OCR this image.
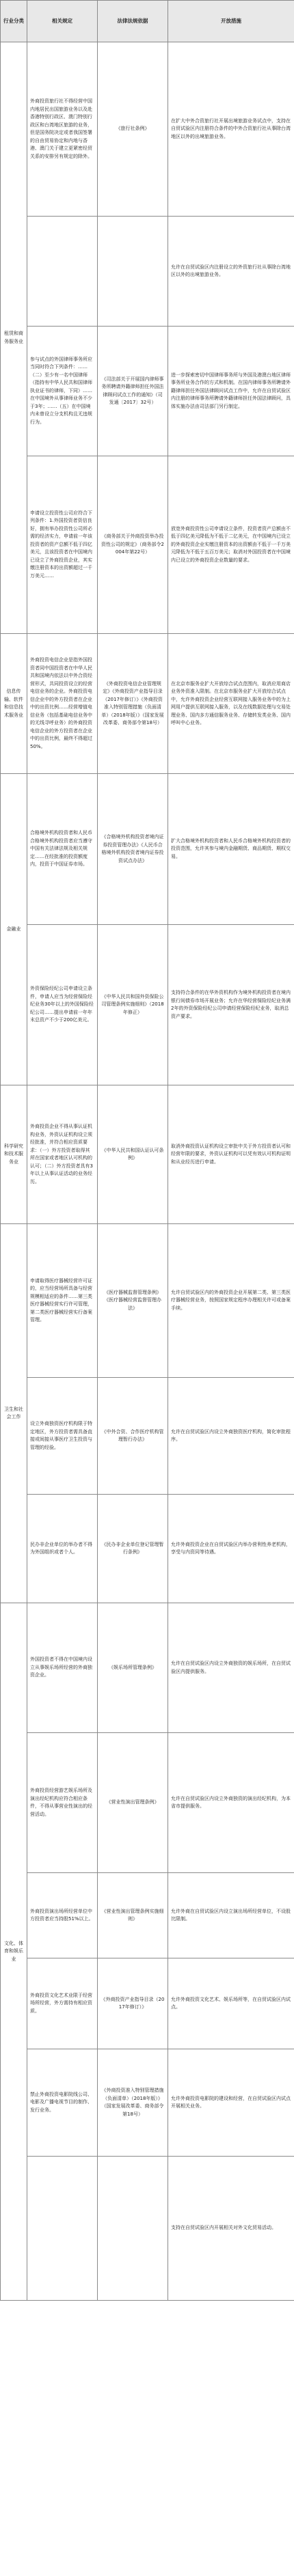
行业分类	相关规定	法律法规依据	开放措施
租赁和商务服务业	外商投资旅行社不得经营中国内地居民出国旅游业务以及赴香港特别行政区、澳门特别行政区和台湾地区旅游的业务，但是国务院决定或者我国签署的自由贸易协定和内地与香港、澳门关于建立更紧密经贸关系的安排另有规定的除外。	《旅行社条例》	在扩大中外合资旅行社开展出境旅游业务试点中，支持在自贸试验区内注册符合条件的中外合资旅行社从事除台湾地区以外的出境旅游业务。
			允许在自贸试验区内注册设立的外资旅行社从事除台湾地区以外的出境旅游业务。
	参与试点的外国律师事务所应当同时符合下列条件：……（二）至少有一名中国律师（指持有中华人民共和国律师执业证书的律师，下同）……在中国境外从事律师业务不少于3年；……（五）在中国境内未曾设立分支机构且无违规行为。	《司法部关于开展国内律师事务所聘请外籍律师担任外国法律顾问试点工作的通知》（司发通〔2017〕32号）	进一步探索密切中国律师事务所与外国及港澳台地区律师事务所业务合作的方式和机制。在国内律师事务所聘请外籍律师担任外国法律顾问试点工作中，允许在自贸试验区内注册的律师事务所聘请外籍律师担任外国法律顾问，具体实施办法由司法部门另行制定。
	申请设立投资性公司应符合下列条件：1.外国投资者资信良好，拥有举办投资性公司所必需的经济实力，申请前一年该投资者的资产总额不低于四亿美元，且该投资者在中国境内已设立了外商投资企业，其实缴注册资本的出资额超过一千万美元……	《商务部关于外商投资举办投资性公司的规定》（商务部令2004年第22号）	放宽外商投资性公司申请设立条件，投资者资产总额由不低于四亿美元降低为不低于二亿美元，在中国境内已设立的外商投资企业实缴注册资本的出资额由不低于一千万美元降低为不低于五百万美元；取消对外国投资者在中国境内已设立的外商投资企业数量的要求。
信息传输、软件和信息技术服务业	外商投资电信企业是指外国投资者同中国投资者在中华人民共和国境内依法以中外合资经营形式，共同投资设立的经营电信业务的企业。外商投资电信企业中的外方投资者在企业中的出资比例……经营增值电信业务（包括基础电信业务中的无线寻呼业务）的外商投资电信企业的外方投资者在企业中的出资比例，最终不得超过50%。	《外商投资电信企业管理规定》《外商投资产业指导目录（2017年修订）》《外商投资准入特别管理措施（负面清单）（2018年版）》（国家发展改革委、商务部令第18号）	在北京市服务业扩大开放综合试点范围内，取消应用商店业务外资准入限制。在北京市服务业扩大开放综合试点中，允许外商投资企业经营互联网接入服务业务中的为上网用户提供互联网接入服务，以及在线数据处理与交易处理业务、国内多方通信服务业务、存储转发类业务、国内呼叫中心业务。
金融业	合格境外机构投资者和人民币合格境外机构投资者应当遵守中国有关法律法规及相关规定……在经批准的投资额度内，投资于中国证券市场。	《合格境外机构投资者境内证券投资管理办法》《人民币合格境外机构投资者境内证券投资试点办法》	扩大合格境外机构投资者和人民币合格境外机构投资者的投资范围，允许其参与境内金融期货、商品期货、期权交易。
	外资保险经纪公司申请设立条件，申请人应当为经营保险经纪业务30年以上的外国保险经纪公司……提出申请前一年年末总资产不少于200亿美元。	《中华人民共和国外资保险公司管理条例实施细则》（2018年修正）	支持符合条件的在华外资机构作为境外机构投资者在境内银行间债券市场开展业务；允许在华经营保险经纪业务满2年的外资保险经纪公司申请经营保险经纪业务，取消总资产要求。
科学研究和技术服务业	外商投资企业不得从事认证机构业务，外资认证机构设立须经批准，并符合相应资质要求：（一）外方投资者取得其所在国家或者地区认可机构的认可；（二）外方投资者具有3年以上从事认证活动的业务经历。	《中华人民共和国认证认可条例》	取消外商投资认证机构设立审批中关于外方投资者认可和经营年限的要求，外资认证机构可以凭有效认可机构证明和从业经历进行申请。
卫生和社会工作	申请取得医疗器械经营许可证的，应当经营场所具备与经营规模相适应的条件……第三类医疗器械经营实行许可管理，第二类医疗器械经营实行备案管理。	《医疗器械监督管理条例》《医疗器械经营监督管理办法》	允许自贸试验区内的外商投资企业开展第二类、第三类医疗器械经营业务，按照国家规定程序办理相关许可或备案手续。
	设立外商独资医疗机构限于特定地区，外方投资者需具备直接或间接从事医疗卫生投资与管理的经验。	《中外合资、合作医疗机构管理暂行办法》	允许在自贸试验区内设立外商独资医疗机构，简化审批程序。
	民办非企业单位的举办者不得为外国组织或者个人。	《民办非企业单位登记管理暂行条例》	允许外商投资企业在自贸试验区内举办营利性养老机构，享受与内资同等待遇。
文化、体育和娱乐业	外国投资者不得在中国境内设立从事娱乐场所经营的外商独资企业。	《娱乐场所管理条例》	允许在自贸试验区内设立外商独资的娱乐场所，在自贸试验区内提供服务。
	外商投资经营游艺娱乐场所及演出经纪机构应符合相应条件，不得从事营业性演出的经营活动。	《营业性演出管理条例》	允许在自贸试验区内设立外商独资的演出经纪机构，为本省市提供服务。
	外商投资演出场所经营单位中方投资者应当持股51%以上。	《营业性演出管理条例实施细则》	允许外商在自贸试验区内设立演出场所经营单位，不设股比限制。
	外商投资文化艺术业限于经营场所经营，外方需持有相应资质。	《外商投资产业指导目录（2017年修订）》	允许外商投资文化艺术、娱乐场所等，在自贸试验区内试点。
	禁止外商投资电影院线公司、电影及广播电视节目的制作、发行业务。	《外商投资准入特别管理措施（负面清单）（2018年版）》（国家发展改革委、商务部令第18号）	允许外商投资电影院的建设和经营，在自贸试验区内试点开展相关业务。
			支持在自贸试验区内开展相关对外文化贸易活动。
